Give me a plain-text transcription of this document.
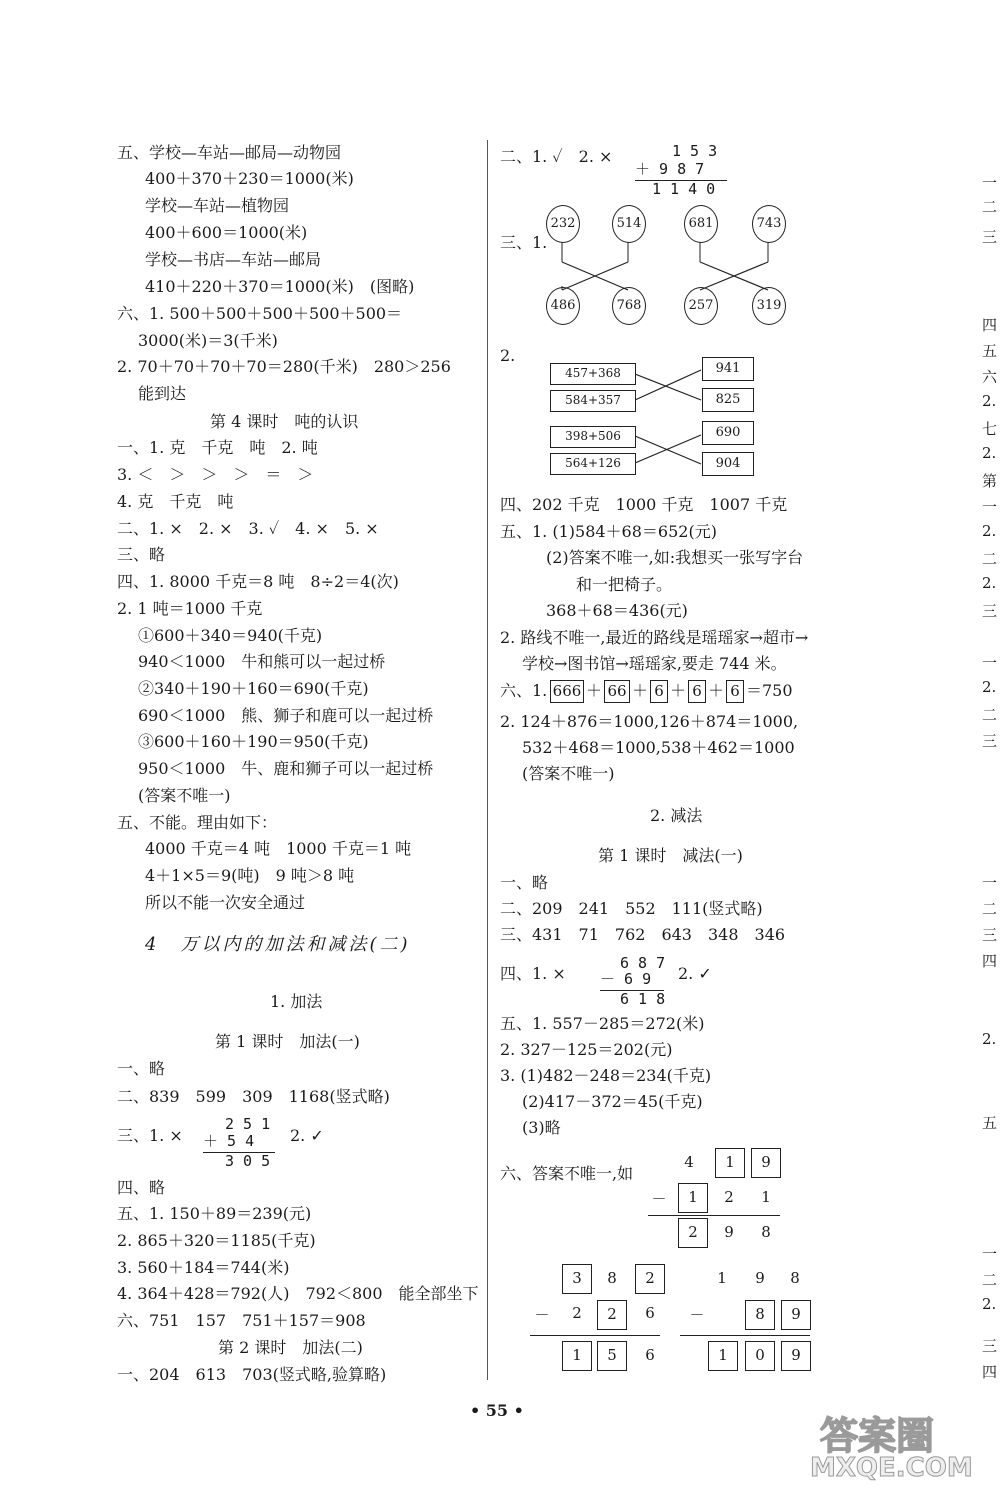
五、学校—车站—邮局—动物园
400＋370＋230＝1000(米)
学校—车站—植物园
400＋600＝1000(米)
学校—书店—车站—邮局
410＋220＋370＝1000(米)　(图略)
六、1. 500＋500＋500＋500＋500＝
3000(米)＝3(千米)
2. 70＋70＋70＋70＝280(千米)　280＞256
能到达
第 4 课时　吨的认识
一、1. 克　千克　吨　2. 吨
3. ＜　＞　＞　＞　＝　＞
4. 克　千克　吨
二、1. ×　2. ×　3. ✓　4. ×　5. ×
三、略
四、1. 8000 千克＝8 吨　8÷2＝4(次)
2. 1 吨＝1000 千克
①600＋340＝940(千克)
940＜1000　牛和熊可以一起过桥
②340＋190＋160＝690(千克)
690＜1000　熊、狮子和鹿可以一起过桥
③600＋160＋190＝950(千克)
950＜1000　牛、鹿和狮子可以一起过桥
(答案不唯一)
五、不能。理由如下：
4000 千克＝4 吨　1000 千克＝1 吨
4＋1×5＝9(吨)　9 吨＞8 吨
所以不能一次安全通过
4　万以内的加法和减法(二)
1. 加法
第 1 课时　加法(一)
一、略
二、839　599　309　1168(竖式略)
三、1. ×
2 5 1
＋ 5 4
3 0 5
2. ✓
四、略
五、1. 150＋89＝239(元)
2. 865＋320＝1185(千克)
3. 560＋184＝744(米)
4. 364＋428＝792(人)　792＜800　能全部坐下
六、751　157　751＋157＝908
第 2 课时　加法(二)
一、204　613　703(竖式略,验算略)
二、1. ✓　2. ×	1 5 3
＋ 9 8 7
1 1 4 0
三、1.
232	514	681	743
486	768	257	319
2.
457+368
584+357
398+506
564+126
941
825
690
904
四、202 千克　1000 千克　1007 千克
五、1. (1)584＋68＝652(元)
(2)答案不唯一,如:我想买一张写字台
和一把椅子。
368＋68＝436(元)
2. 路线不唯一,最近的路线是瑶瑶家→超市→
学校→图书馆→瑶瑶家,要走 744 米。
六、1. 666 ＋ 66 ＋ 6 ＋ 6 ＋ 6 ＝750
2. 124＋876＝1000,126＋874＝1000,
532＋468＝1000,538＋462＝1000
(答案不唯一)
2. 减法
第 1 课时　减法(一)
一、略
二、209　241　552　111(竖式略)
三、431　71　762　643　348　346
四、1. ×
6 8 7
－ 6 9
6 1 8
2. ✓
五、1. 557－285＝272(米)
2. 327－125＝202(元)
3. (1)482－248＝234(千克)
(2)417－372＝45(千克)
(3)略
六、答案不唯一,如
4	1	9
－	1	2 1
2	9 8
3	8	2
－ 2	2	6
1	5	6
1 9 8
－	8	9
1	0	9
一
二
三
四
五
六
2.
七
2.
第
一
2.
二
2.
三
一
2.
二
三
一
二
三
四
2.
五
一
二
2.
三
四
• 55 •
答案圈
MXQE.COM
